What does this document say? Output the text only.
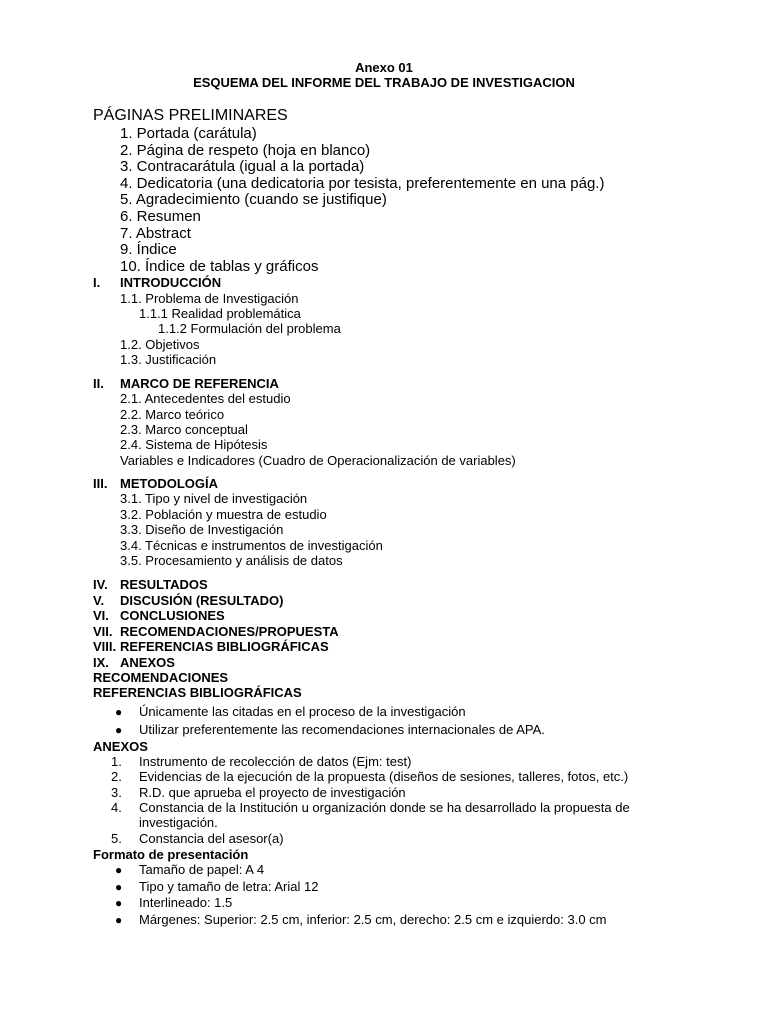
Anexo 01
ESQUEMA DEL INFORME DEL TRABAJO DE INVESTIGACION
PÁGINAS PRELIMINARES
1. Portada (carátula)
2. Página de respeto (hoja en blanco)
3. Contracarátula (igual a la portada)
4. Dedicatoria (una dedicatoria por tesista, preferentemente en una pág.)
5. Agradecimiento (cuando se justifique)
6. Resumen
7. Abstract
9. Índice
10. Índice de tablas y gráficos
I. INTRODUCCIÓN
1.1. Problema de Investigación
1.1.1 Realidad problemática
1.1.2 Formulación del problema
1.2. Objetivos
1.3. Justificación
II. MARCO DE REFERENCIA
2.1. Antecedentes del estudio
2.2. Marco teórico
2.3. Marco conceptual
2.4. Sistema de Hipótesis
Variables e Indicadores (Cuadro de Operacionalización de variables)
III. METODOLOGÍA
3.1. Tipo y nivel de investigación
3.2. Población y muestra de estudio
3.3. Diseño de Investigación
3.4. Técnicas e instrumentos de investigación
3.5. Procesamiento y análisis de datos
IV. RESULTADOS
V. DISCUSIÓN (RESULTADO)
VI. CONCLUSIONES
VII. RECOMENDACIONES/PROPUESTA
VIII. REFERENCIAS BIBLIOGRÁFICAS
IX. ANEXOS
RECOMENDACIONES
REFERENCIAS BIBLIOGRÁFICAS
● Únicamente las citadas en el proceso de la investigación
● Utilizar preferentemente las recomendaciones internacionales de APA.
ANEXOS
1. Instrumento de recolección de datos (Ejm: test)
2. Evidencias de la ejecución de la propuesta (diseños de sesiones, talleres, fotos, etc.)
3. R.D. que aprueba el proyecto de investigación
4. Constancia de la Institución u organización donde se ha desarrollado la propuesta de
investigación.
5. Constancia del asesor(a)
Formato de presentación
● Tamaño de papel: A 4
● Tipo y tamaño de letra: Arial 12
● Interlineado: 1.5
● Márgenes: Superior: 2.5 cm, inferior: 2.5 cm, derecho: 2.5 cm e izquierdo: 3.0 cm
